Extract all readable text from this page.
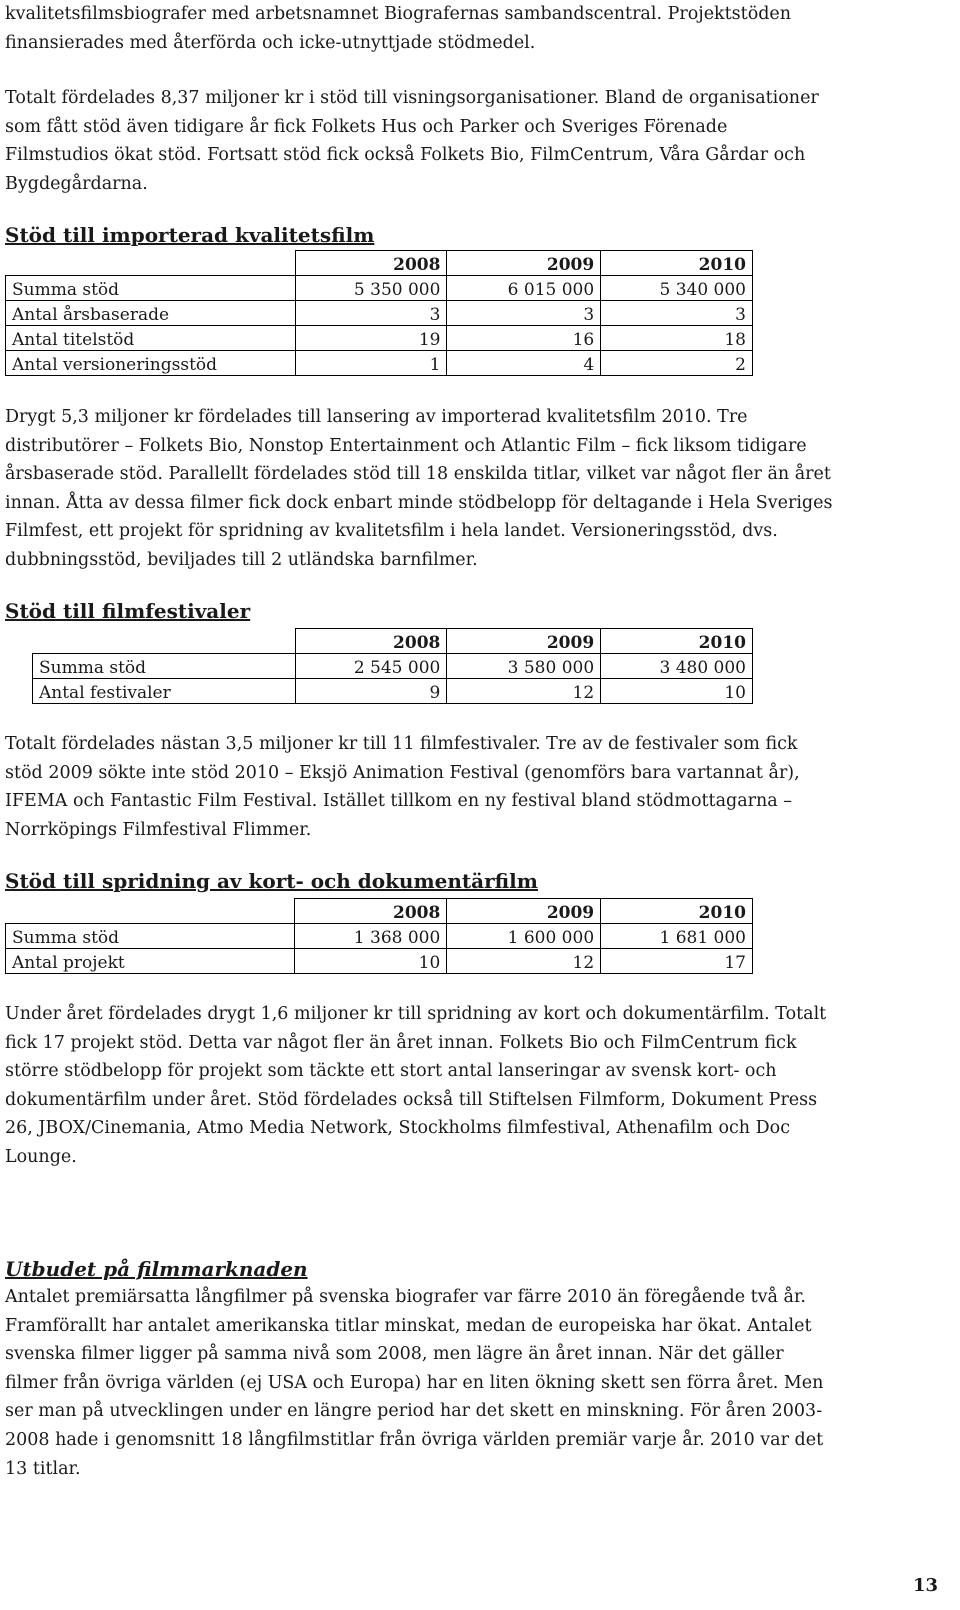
kvalitetsfilmsbiografer med arbetsnamnet Biografernas sambandscentral. Projektstöden finansierades med återförda och icke-utnyttjade stödmedel.

Totalt fördelades 8,37 miljoner kr i stöd till visningsorganisationer. Bland de organisationer som fått stöd även tidigare år fick Folkets Hus och Parker och Sveriges Förenade Filmstudios ökat stöd. Fortsatt stöd fick också Folkets Bio, FilmCentrum, Våra Gårdar och Bygdegårdarna.

Stöd till importerad kvalitetsfilm
	2008	2009	2010
Summa stöd	5 350 000	6 015 000	5 340 000
Antal årsbaserade	3	3	3
Antal titelstöd	19	16	18
Antal versioneringsstöd	1	4	2

Drygt 5,3 miljoner kr fördelades till lansering av importerad kvalitetsfilm 2010. Tre distributörer – Folkets Bio, Nonstop Entertainment och Atlantic Film – fick liksom tidigare årsbaserade stöd. Parallellt fördelades stöd till 18 enskilda titlar, vilket var något fler än året innan. Åtta av dessa filmer fick dock enbart minde stödbelopp för deltagande i Hela Sveriges Filmfest, ett projekt för spridning av kvalitetsfilm i hela landet. Versioneringsstöd, dvs. dubbningsstöd, beviljades till 2 utländska barnfilmer.

Stöd till filmfestivaler
	2008	2009	2010
Summa stöd	2 545 000	3 580 000	3 480 000
Antal festivaler	9	12	10

Totalt fördelades nästan 3,5 miljoner kr till 11 filmfestivaler. Tre av de festivaler som fick stöd 2009 sökte inte stöd 2010 – Eksjö Animation Festival (genomförs bara vartannat år), IFEMA och Fantastic Film Festival. Istället tillkom en ny festival bland stödmottagarna – Norrköpings Filmfestival Flimmer.

Stöd till spridning av kort- och dokumentärfilm
	2008	2009	2010
Summa stöd	1 368 000	1 600 000	1 681 000
Antal projekt	10	12	17

Under året fördelades drygt 1,6 miljoner kr till spridning av kort och dokumentärfilm. Totalt fick 17 projekt stöd. Detta var något fler än året innan. Folkets Bio och FilmCentrum fick större stödbelopp för projekt som täckte ett stort antal lanseringar av svensk kort- och dokumentärfilm under året. Stöd fördelades också till Stiftelsen Filmform, Dokument Press 26, JBOX/Cinemania, Atmo Media Network, Stockholms filmfestival, Athenafilm och Doc Lounge.

Utbudet på filmmarknaden

Antalet premiärsatta långfilmer på svenska biografer var färre 2010 än föregående två år. Framförallt har antalet amerikanska titlar minskat, medan de europeiska har ökat. Antalet svenska filmer ligger på samma nivå som 2008, men lägre än året innan. När det gäller filmer från övriga världen (ej USA och Europa) har en liten ökning skett sen förra året. Men ser man på utvecklingen under en längre period har det skett en minskning. För åren 2003-2008 hade i genomsnitt 18 långfilmstitlar från övriga världen premiär varje år. 2010 var det 13 titlar.

13
